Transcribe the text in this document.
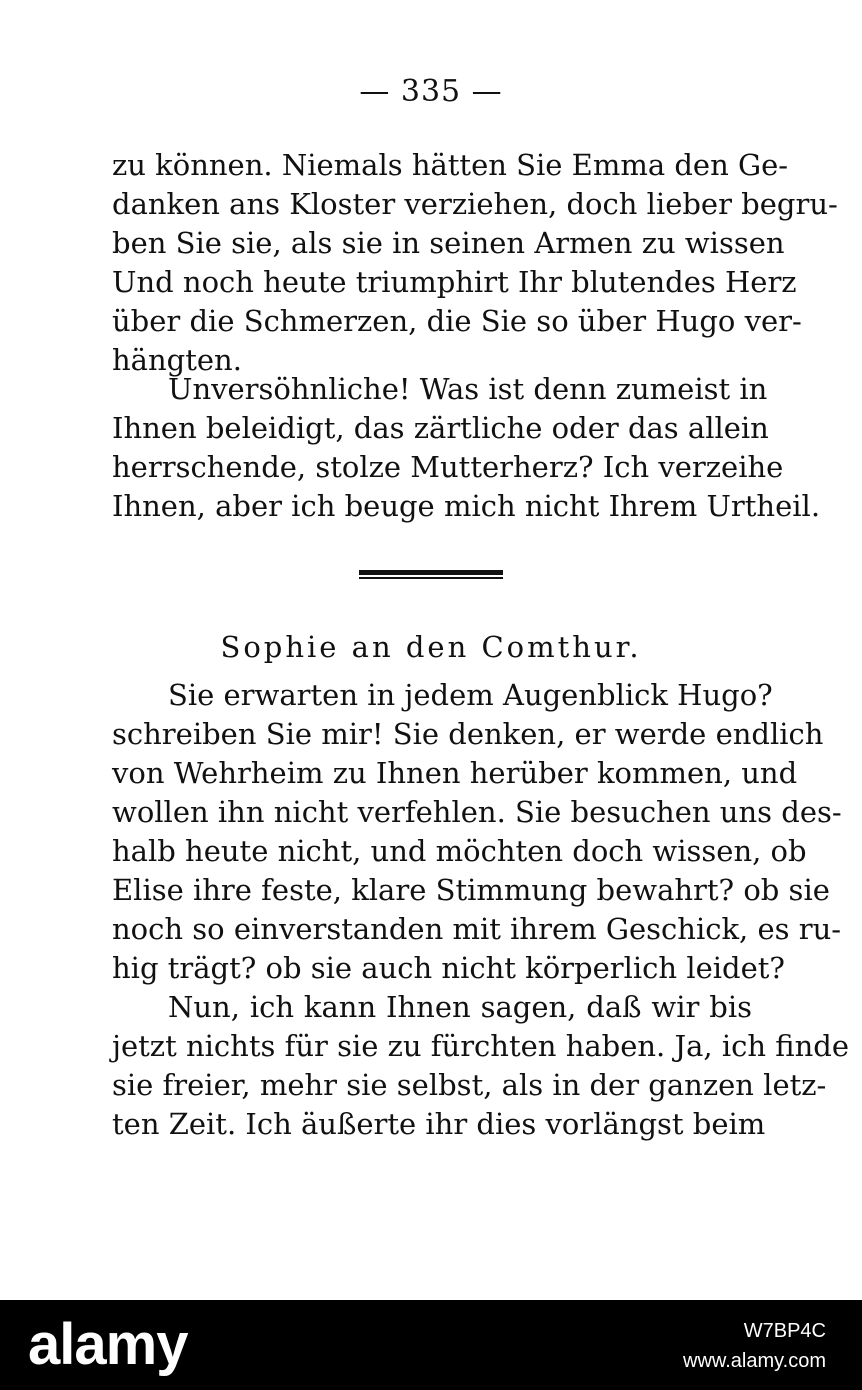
— 335 —
zu können. Niemals hätten Sie Emma den Ge-
danken ans Kloster verziehen, doch lieber begru-
ben Sie sie, als sie in seinen Armen zu wissen
Und noch heute triumphirt Ihr blutendes Herz
über die Schmerzen, die Sie so über Hugo ver-
hängten.
Unversöhnliche! Was ist denn zumeist in
Ihnen beleidigt, das zärtliche oder das allein
herrschende, stolze Mutterherz? Ich verzeihe
Ihnen, aber ich beuge mich nicht Ihrem Urtheil.
Sophie an den Comthur.
Sie erwarten in jedem Augenblick Hugo?
schreiben Sie mir! Sie denken, er werde endlich
von Wehrheim zu Ihnen herüber kommen, und
wollen ihn nicht verfehlen. Sie besuchen uns des-
halb heute nicht, und möchten doch wissen, ob
Elise ihre feste, klare Stimmung bewahrt? ob sie
noch so einverstanden mit ihrem Geschick, es ru-
hig trägt? ob sie auch nicht körperlich leidet?
Nun, ich kann Ihnen sagen, daß wir bis
jetzt nichts für sie zu fürchten haben. Ja, ich finde
sie freier, mehr sie selbst, als in der ganzen letz-
ten Zeit. Ich äußerte ihr dies vorlängst beim
alamy	W7BP4C
www.alamy.com
